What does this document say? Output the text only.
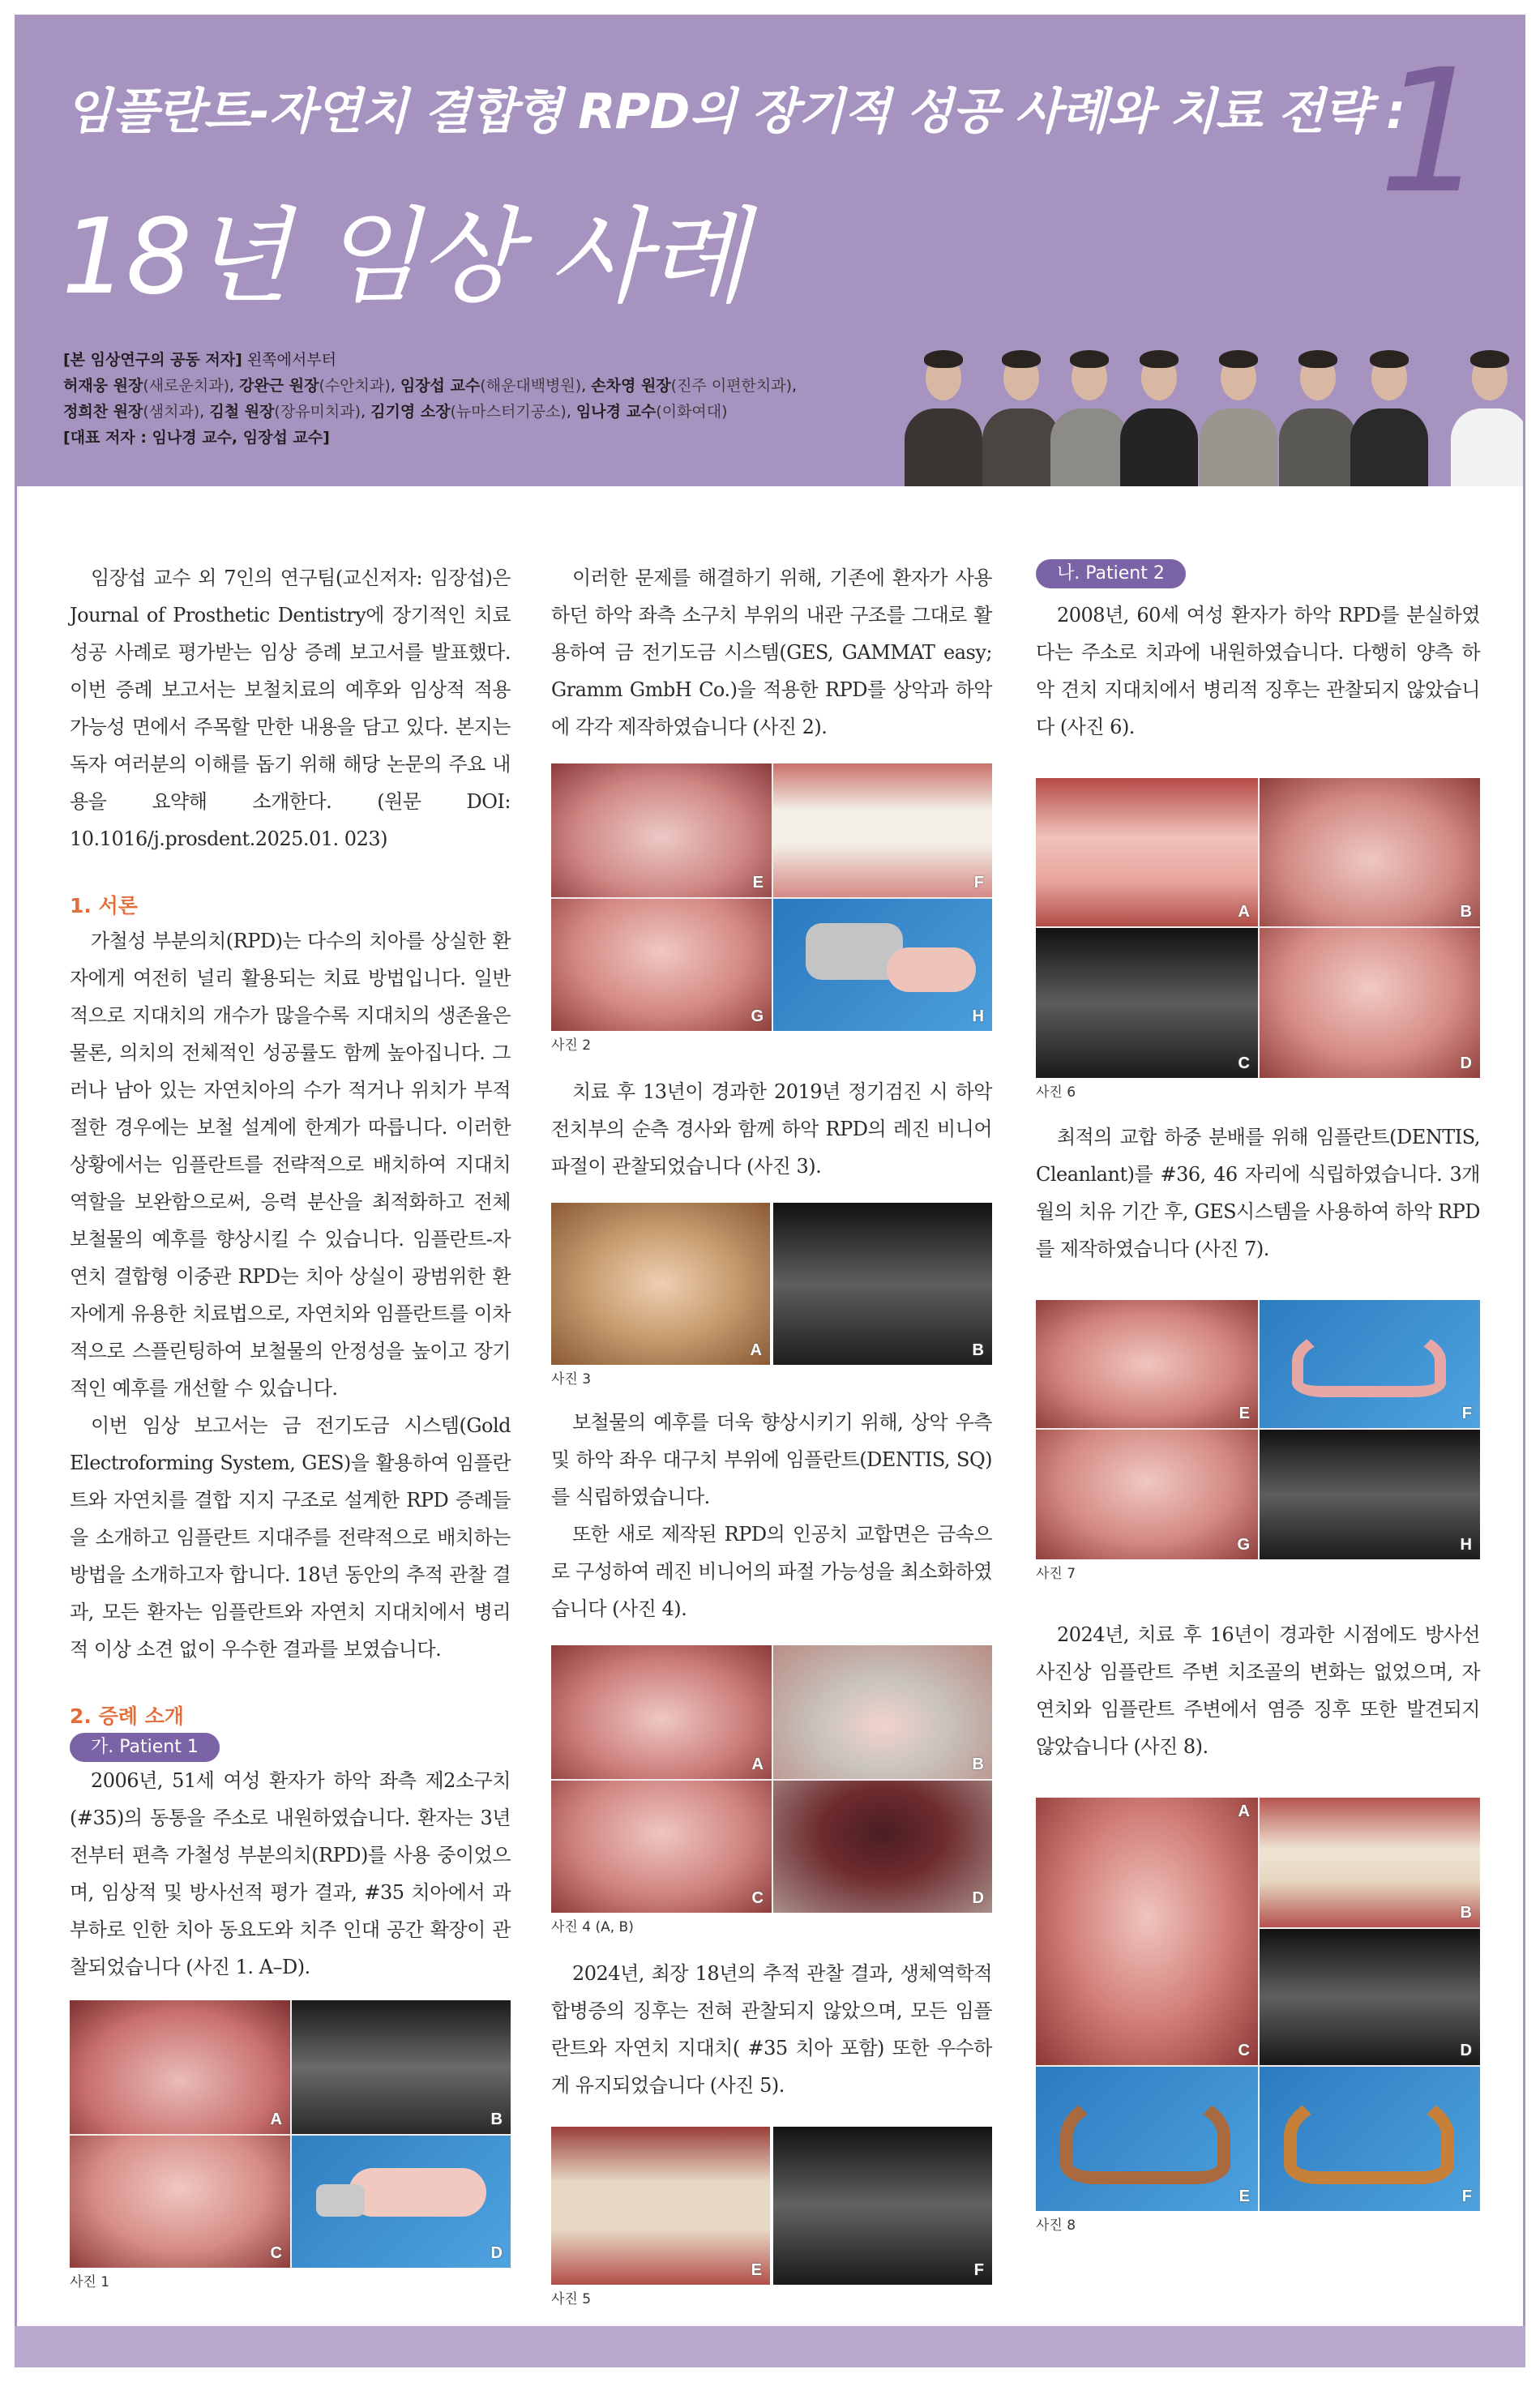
임플란트-자연치 결합형 RPD의 장기적 성공 사례와 치료 전략 :
18년 임상 사례
1
[본 임상연구의 공동 저자] 왼쪽에서부터
허재웅 원장(새로운치과), 강완근 원장(수안치과), 임장섭 교수(해운대백병원), 손차영 원장(진주 이편한치과),
정희찬 원장(샘치과), 김철 원장(장유미치과), 김기영 소장(뉴마스터기공소), 임나경 교수(이화여대)
[대표 저자 : 임나경 교수, 임장섭 교수]

임장섭 교수 외 7인의 연구팀(교신저자: 임장섭)은 Journal of Prosthetic Dentistry에 장기적인 치료 성공 사례로 평가받는 임상 증례 보고서를 발표했다. 이번 증례 보고서는 보철치료의 예후와 임상적 적용 가능성 면에서 주목할 만한 내용을 담고 있다. 본지는 독자 여러분의 이해를 돕기 위해 해당 논문의 주요 내용을 요약해 소개한다. (원문 DOI: 10.1016/j.prosdent.2025.01. 023)

1. 서론

가철성 부분의치(RPD)는 다수의 치아를 상실한 환자에게 여전히 널리 활용되는 치료 방법입니다. 일반적으로 지대치의 개수가 많을수록 지대치의 생존율은 물론, 의치의 전체적인 성공률도 함께 높아집니다. 그러나 남아 있는 자연치아의 수가 적거나 위치가 부적절한 경우에는 보철 설계에 한계가 따릅니다. 이러한 상황에서는 임플란트를 전략적으로 배치하여 지대치 역할을 보완함으로써, 응력 분산을 최적화하고 전체 보철물의 예후를 향상시킬 수 있습니다. 임플란트-자연치 결합형 이중관 RPD는 치아 상실이 광범위한 환자에게 유용한 치료법으로, 자연치와 임플란트를 이차적으로 스플린팅하여 보철물의 안정성을 높이고 장기적인 예후를 개선할 수 있습니다.

이번 임상 보고서는 금 전기도금 시스템(Gold Electroforming System, GES)을 활용하여 임플란트와 자연치를 결합 지지 구조로 설계한 RPD 증례들을 소개하고 임플란트 지대주를 전략적으로 배치하는 방법을 소개하고자 합니다. 18년 동안의 추적 관찰 결과, 모든 환자는 임플란트와 자연치 지대치에서 병리적 이상 소견 없이 우수한 결과를 보였습니다.

2. 증례 소개

가. Patient 1

2006년, 51세 여성 환자가 하악 좌측 제2소구치(#35)의 동통을 주소로 내원하였습니다. 환자는 3년 전부터 편측 가철성 부분의치(RPD)를 사용 중이었으며, 임상적 및 방사선적 평가 결과, #35 치아에서 과부하로 인한 치아 동요도와 치주 인대 공간 확장이 관찰되었습니다 (사진 1. A–D).

A	B
C	D

사진 1

이러한 문제를 해결하기 위해, 기존에 환자가 사용하던 하악 좌측 소구치 부위의 내관 구조를 그대로 활용하여 금 전기도금 시스템(GES, GAMMAT easy; Gramm GmbH Co.)을 적용한 RPD를 상악과 하악에 각각 제작하였습니다 (사진 2).

E	F
G	H

사진 2

치료 후 13년이 경과한 2019년 정기검진 시 하악 전치부의 순측 경사와 함께 하악 RPD의 레진 비니어 파절이 관찰되었습니다 (사진 3).

A	B

사진 3

보철물의 예후를 더욱 향상시키기 위해, 상악 우측 및 하악 좌우 대구치 부위에 임플란트(DENTIS, SQ)를 식립하였습니다.

또한 새로 제작된 RPD의 인공치 교합면은 금속으로 구성하여 레진 비니어의 파절 가능성을 최소화하였습니다 (사진 4).

A	B
C	D

사진 4 (A, B)

2024년, 최장 18년의 추적 관찰 결과, 생체역학적 합병증의 징후는 전혀 관찰되지 않았으며, 모든 임플란트와 자연치 지대치( #35 치아 포함) 또한 우수하게 유지되었습니다 (사진 5).

E	F

사진 5

나. Patient 2

2008년, 60세 여성 환자가 하악 RPD를 분실하였다는 주소로 치과에 내원하였습니다. 다행히 양측 하악 견치 지대치에서 병리적 징후는 관찰되지 않았습니다 (사진 6).

A	B
C	D

사진 6

최적의 교합 하중 분배를 위해 임플란트(DENTIS, Cleanlant)를 #36, 46 자리에 식립하였습니다. 3개월의 치유 기간 후, GES시스템을 사용하여 하악 RPD를 제작하였습니다 (사진 7).

E	F
G	H

사진 7

2024년, 치료 후 16년이 경과한 시점에도 방사선 사진상 임플란트 주변 치조골의 변화는 없었으며, 자연치와 임플란트 주변에서 염증 징후 또한 발견되지 않았습니다 (사진 8).

A
B
C	D
E	F

사진 8
